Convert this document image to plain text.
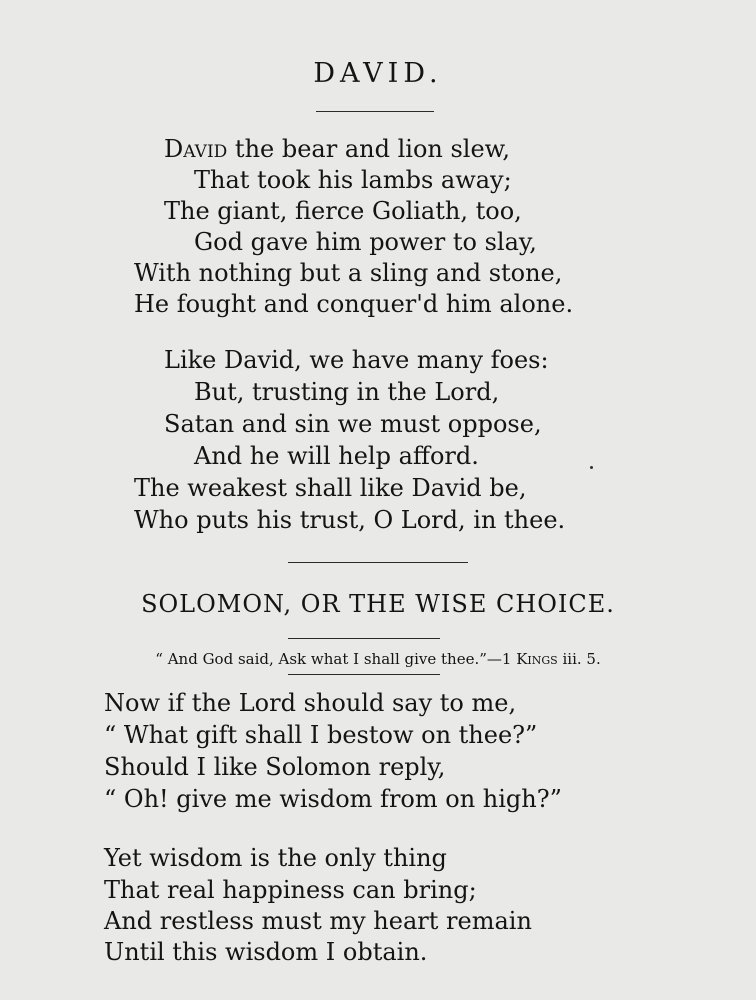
DAVID.
David the bear and lion slew,
That took his lambs away;
The giant, fierce Goliath, too,
God gave him power to slay,
With nothing but a sling and stone,
He fought and conquer'd him alone.
Like David, we have many foes:
But, trusting in the Lord,
Satan and sin we must oppose,
And he will help afford.
The weakest shall like David be,
Who puts his trust, O Lord, in thee.
SOLOMON, OR THE WISE CHOICE.
“ And God said, Ask what I shall give thee.”—1 Kings iii. 5.
Now if the Lord should say to me,
“ What gift shall I bestow on thee?”
Should I like Solomon reply,
“ Oh! give me wisdom from on high?”
Yet wisdom is the only thing
That real happiness can bring;
And restless must my heart remain
Until this wisdom I obtain.
